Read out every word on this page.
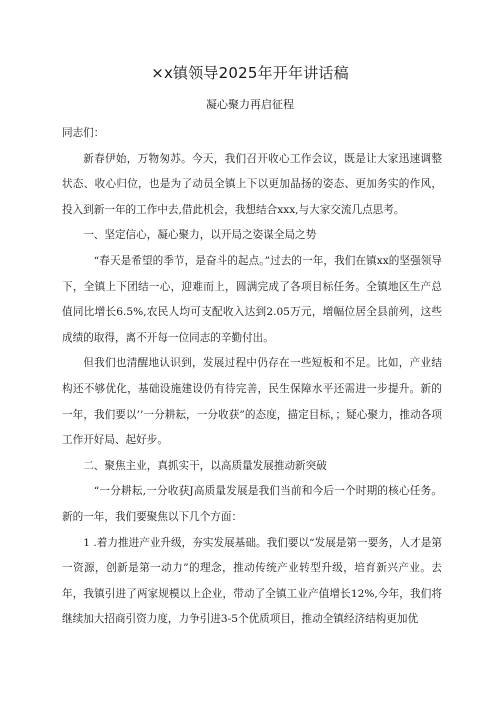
×x镇领导2025年开年讲话稿
凝心聚力再启征程

同志们：

新春伊始，万物匆苏。今天，我们召开收心工作会议，既是让大家迅速调整状态、收心归位，也是为了动员全镇上下以更加晶扬的姿态、更加务实的作风，投入到新一年的工作中去,借此机会，我想结合xxx,与大家交流几点思考。

一、坚定信心，凝心聚力，以开局之姿谋全局之势

“春天是希望的季节，是奋斗的起点。”过去的一年，我们在镇xx的坚强领导下，全镇上下团结一心，迎难而上，圆满完成了各项目标任务。全镇地区生产总值同比增长6.5%,农民人均可支配收入达到2.05万元，增幅位居全县前列，这些成绩的取得，离不开每一位同志的辛勤付出。

但我们也清醒地认识到，发展过程中仍存在一些短板和不足。比如，产业结构还不够优化，基础设施建设仍有待完善，民生保障水平还需进一步提升。新的一年，我们要以’’一分耕耘，一分收获”的态度，描定目标，；疑心聚力，推动各项工作开好局、起好步。

二、聚焦主业，真抓实干，以高质量发展推动新突破

“一分耕耘,一分收获J高质量发展是我们当前和今后一个时期的核心任务。新的一年，我们要聚焦以下几个方面：

1 .着力推进产业升级，夯实发展基础。我们要以“发展是第一要务，人才是第一资源，创新是第一动力”的理念，推动传统产业转型升级，培育新兴产业。去年，我镇引进了两家规模以上企业，带动了全镇工业产值增长12%,今年，我们将继续加大招商引资力度，力争引进3-5个优质项目，推动全镇经济结构更加优
